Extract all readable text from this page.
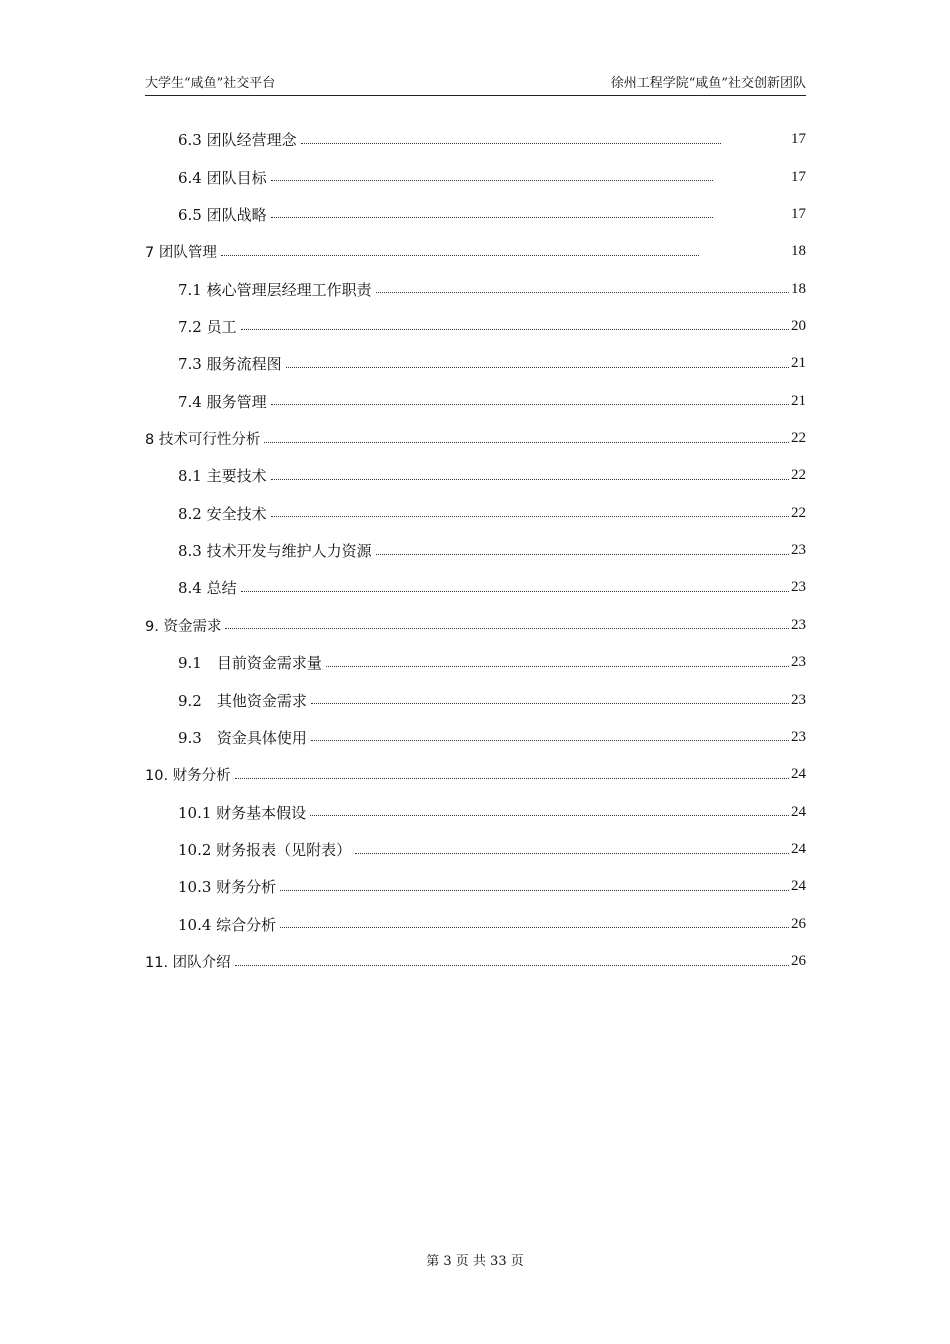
大学生“咸鱼”社交平台	徐州工程学院“咸鱼”社交创新团队
6.3 团队经营理念	17
6.4 团队目标	17
6.5 团队战略	17
7 团队管理	18
7.1 核心管理层经理工作职责	18
7.2 员工	20
7.3 服务流程图	21
7.4 服务管理	21
8 技术可行性分析	22
8.1 主要技术	22
8.2 安全技术	22
8.3 技术开发与维护人力资源	23
8.4 总结	23
9. 资金需求	23
9.1　目前资金需求量	23
9.2　其他资金需求	23
9.3　资金具体使用	23
10. 财务分析	24
10.1 财务基本假设	24
10.2 财务报表（见附表）	24
10.3 财务分析	24
10.4 综合分析	26
11. 团队介绍	26
第 3 页 共 33 页
